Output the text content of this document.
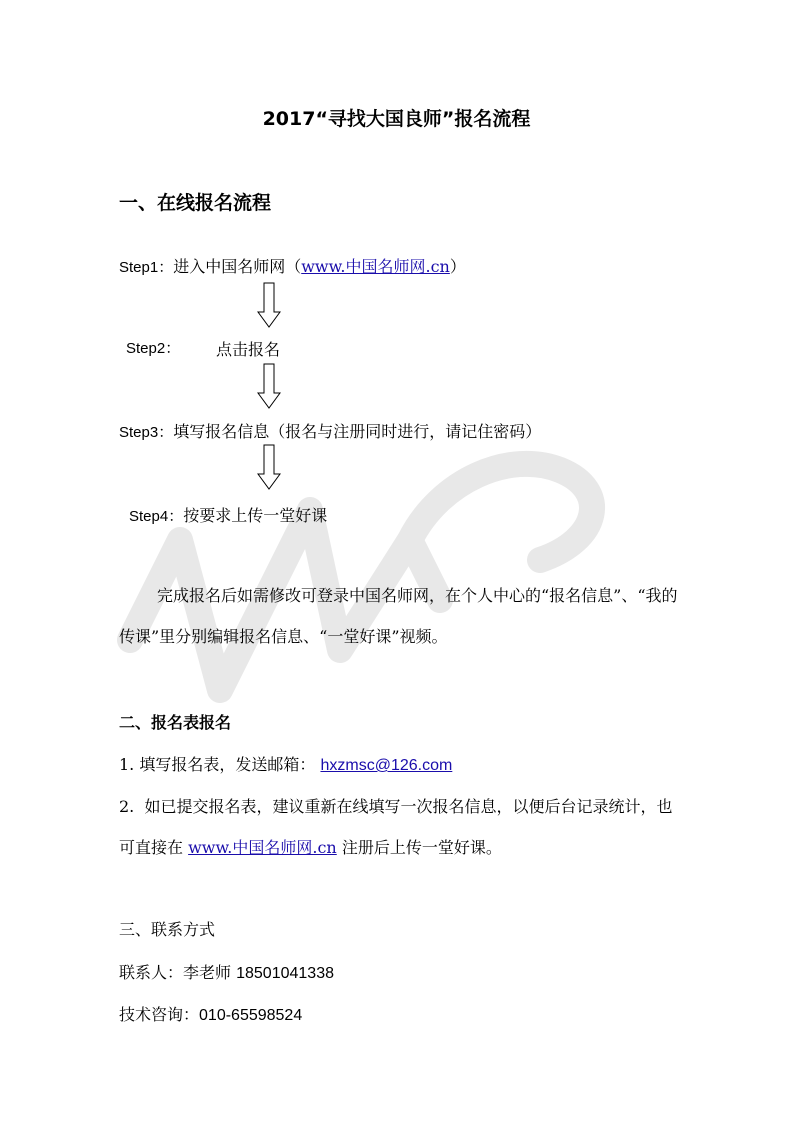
2017“寻找大国良师”报名流程
一、在线报名流程
Step1：进入中国名师网（www.中国名师网.cn）
Step2： 点击报名
Step3：填写报名信息（报名与注册同时进行，请记住密码）
Step4：按要求上传一堂好课
完成报名后如需修改可登录中国名师网，在个人中心的“报名信息”、“我的传课”里分别编辑报名信息、“一堂好课”视频。
二、报名表报名
1. 填写报名表，发送邮箱： hxzmsc@126.com
2. 如已提交报名表，建议重新在线填写一次报名信息，以便后台记录统计，也可直接在 www.中国名师网.cn 注册后上传一堂好课。
三、联系方式
联系人：李老师 18501041338
技术咨询：010-65598524
